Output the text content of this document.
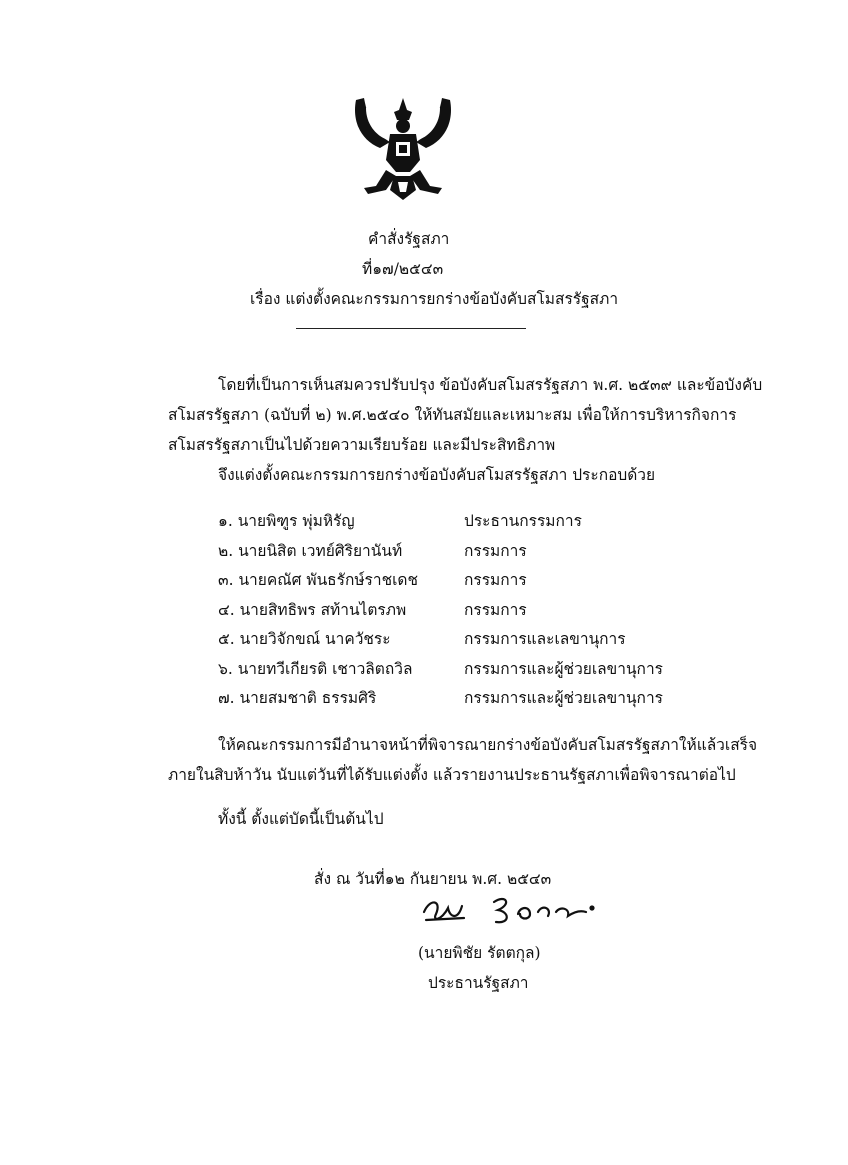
คำสั่งรัฐสภา
ที่๑๗/๒๕๔๓
เรื่อง แต่งตั้งคณะกรรมการยกร่างข้อบังคับสโมสรรัฐสภา
โดยที่เป็นการเห็นสมควรปรับปรุง ข้อบังคับสโมสรรัฐสภา พ.ศ. ๒๕๓๙ และข้อบังคับ
สโมสรรัฐสภา (ฉบับที่ ๒) พ.ศ.๒๕๔๐ ให้ทันสมัยและเหมาะสม เพื่อให้การบริหารกิจการ
สโมสรรัฐสภาเป็นไปด้วยความเรียบร้อย และมีประสิทธิภาพ
จึงแต่งตั้งคณะกรรมการยกร่างข้อบังคับสโมสรรัฐสภา ประกอบด้วย
๑. นายพิฑูร พุ่มหิรัญ	ประธานกรรมการ
๒. นายนิสิต เวทย์ศิริยานันท์	กรรมการ
๓. นายคณัศ พันธรักษ์ราชเดช	กรรมการ
๔. นายสิทธิพร สท้านไตรภพ	กรรมการ
๕. นายวิจักขณ์ นาควัชระ	กรรมการและเลขานุการ
๖. นายทวีเกียรติ เชาวลิตถวิล	กรรมการและผู้ช่วยเลขานุการ
๗. นายสมชาติ ธรรมศิริ	กรรมการและผู้ช่วยเลขานุการ
ให้คณะกรรมการมีอำนาจหน้าที่พิจารณายกร่างข้อบังคับสโมสรรัฐสภาให้แล้วเสร็จ
ภายในสิบห้าวัน นับแต่วันที่ได้รับแต่งตั้ง แล้วรายงานประธานรัฐสภาเพื่อพิจารณาต่อไป
ทั้งนี้ ตั้งแต่บัดนี้เป็นต้นไป
สั่ง ณ วันที่๑๒ กันยายน พ.ศ. ๒๕๔๓
(นายพิชัย รัตตกุล)
ประธานรัฐสภา
